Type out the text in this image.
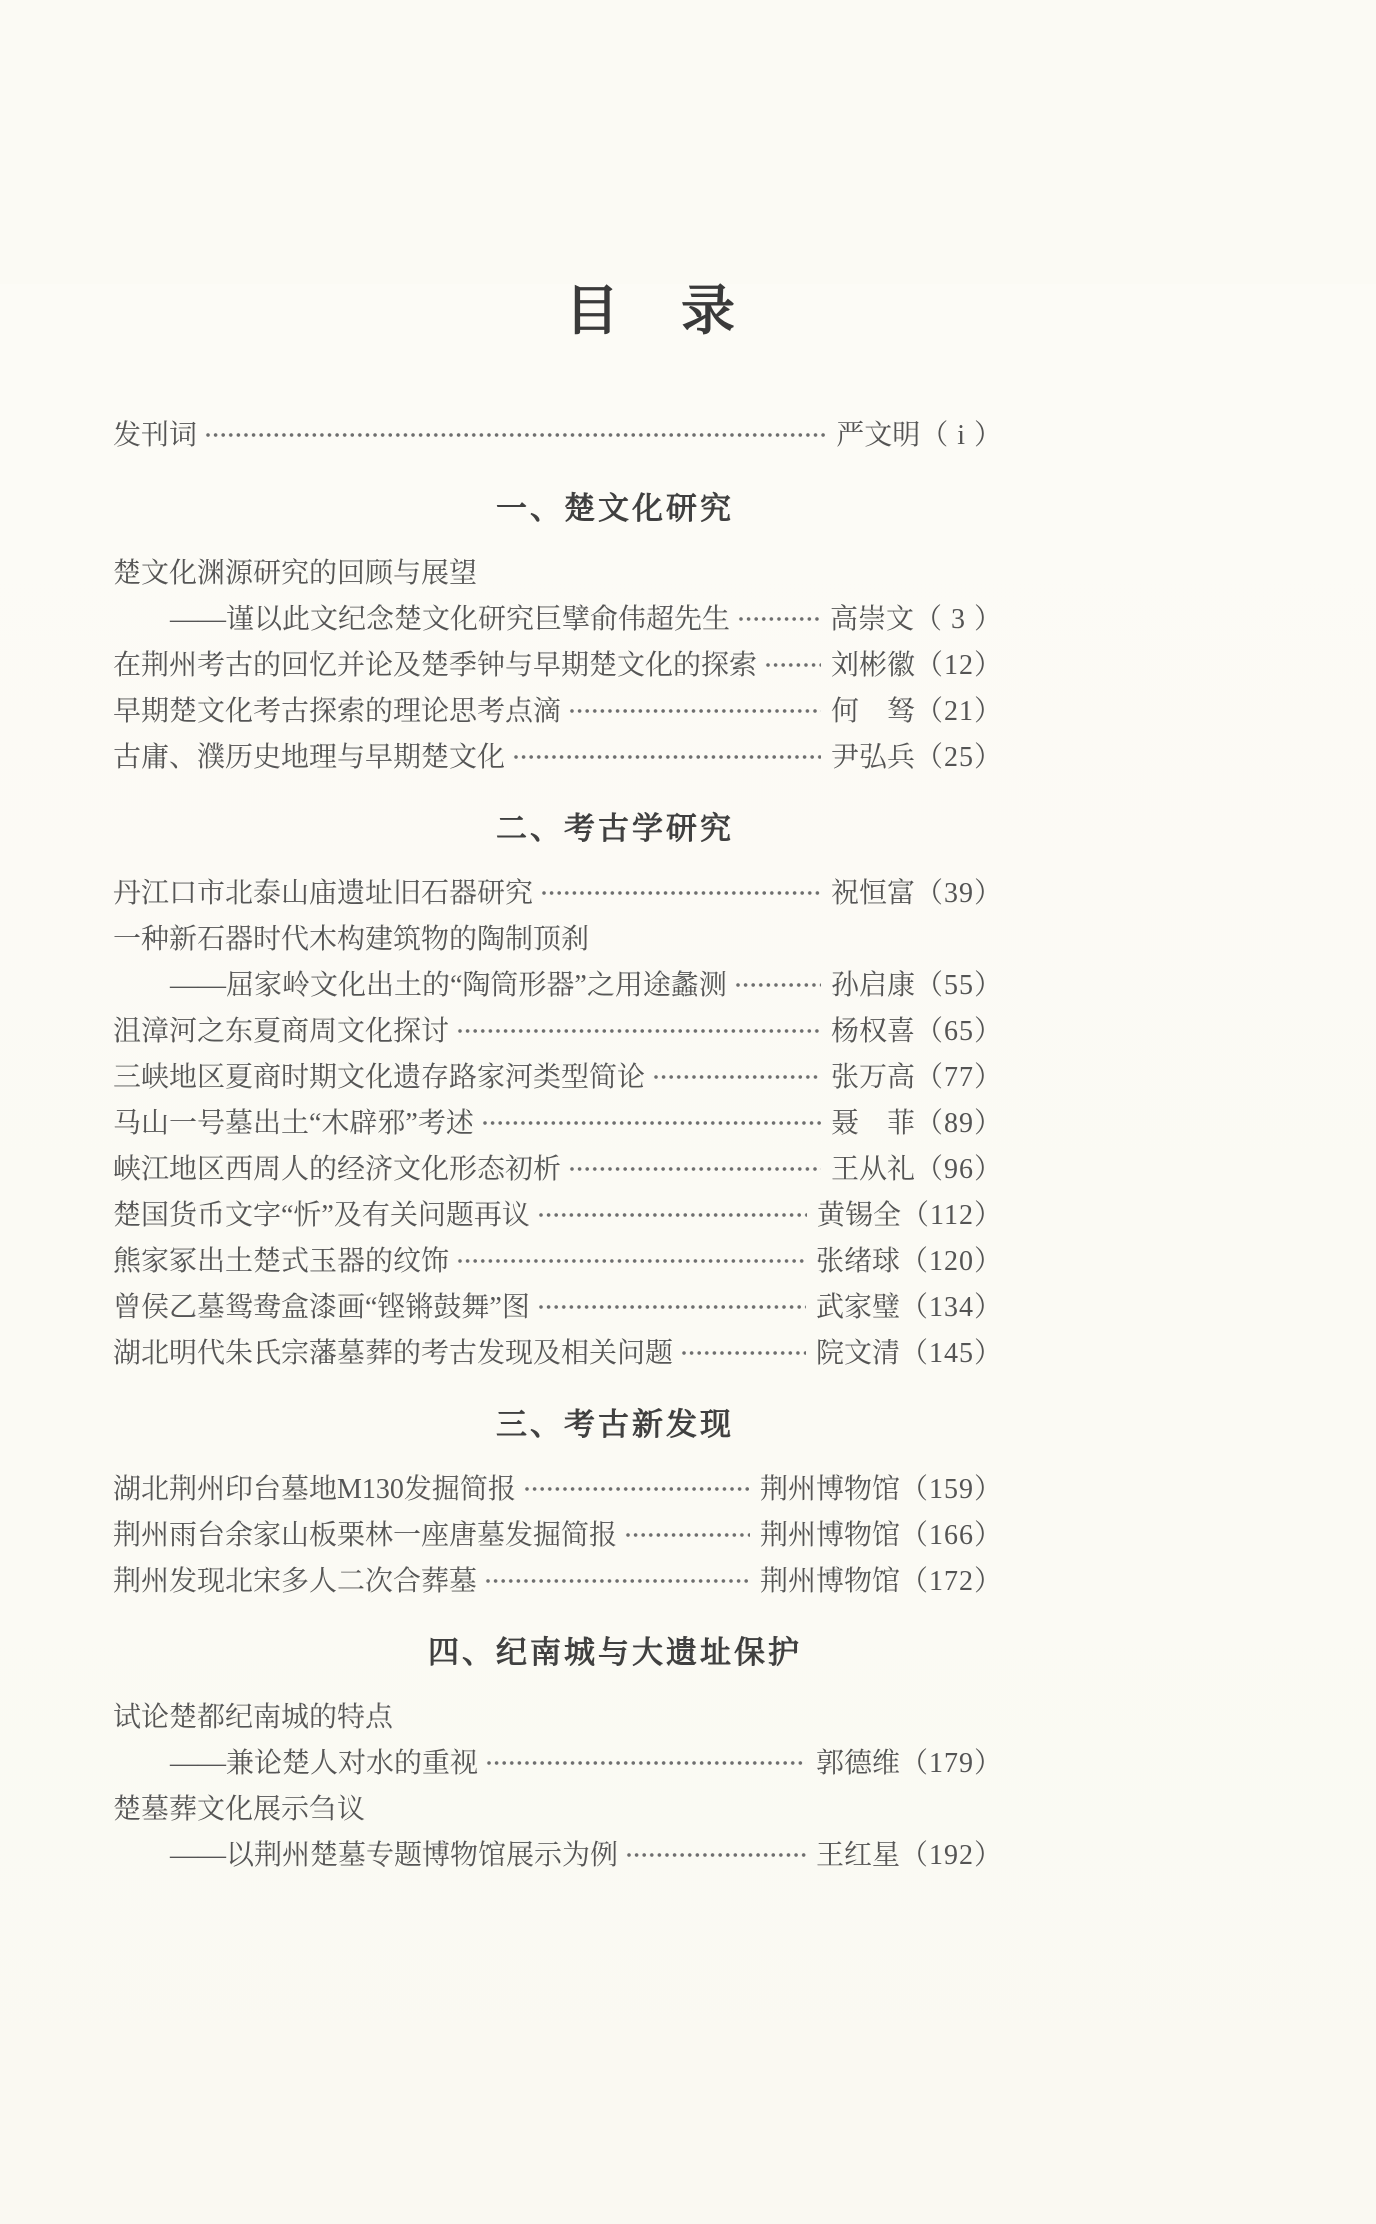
目　录
发刊词	严文明 （ i ）
一、楚文化研究
楚文化渊源研究的回顾与展望
——谨以此文纪念楚文化研究巨擘俞伟超先生	高崇文 （ 3 ）
在荆州考古的回忆并论及楚季钟与早期楚文化的探索	刘彬徽 （12）
早期楚文化考古探索的理论思考点滴	何　驽 （21）
古庸、濮历史地理与早期楚文化	尹弘兵 （25）
二、考古学研究
丹江口市北泰山庙遗址旧石器研究	祝恒富 （39）
一种新石器时代木构建筑物的陶制顶刹
——屈家岭文化出土的“陶筒形器”之用途蠡测	孙启康 （55）
沮漳河之东夏商周文化探讨	杨权喜 （65）
三峡地区夏商时期文化遗存路家河类型简论	张万高 （77）
马山一号墓出土“木辟邪”考述	聂　菲 （89）
峡江地区西周人的经济文化形态初析	王从礼 （96）
楚国货币文字“忻”及有关问题再议	黄锡全 （112）
熊家冢出土楚式玉器的纹饰	张绪球 （120）
曾侯乙墓鸳鸯盒漆画“铿锵鼓舞”图	武家璧 （134）
湖北明代朱氏宗藩墓葬的考古发现及相关问题	院文清 （145）
三、考古新发现
湖北荆州印台墓地M130发掘简报	荆州博物馆 （159）
荆州雨台余家山板栗林一座唐墓发掘简报	荆州博物馆 （166）
荆州发现北宋多人二次合葬墓	荆州博物馆 （172）
四、纪南城与大遗址保护
试论楚都纪南城的特点
——兼论楚人对水的重视	郭德维 （179）
楚墓葬文化展示刍议
——以荆州楚墓专题博物馆展示为例	王红星 （192）
